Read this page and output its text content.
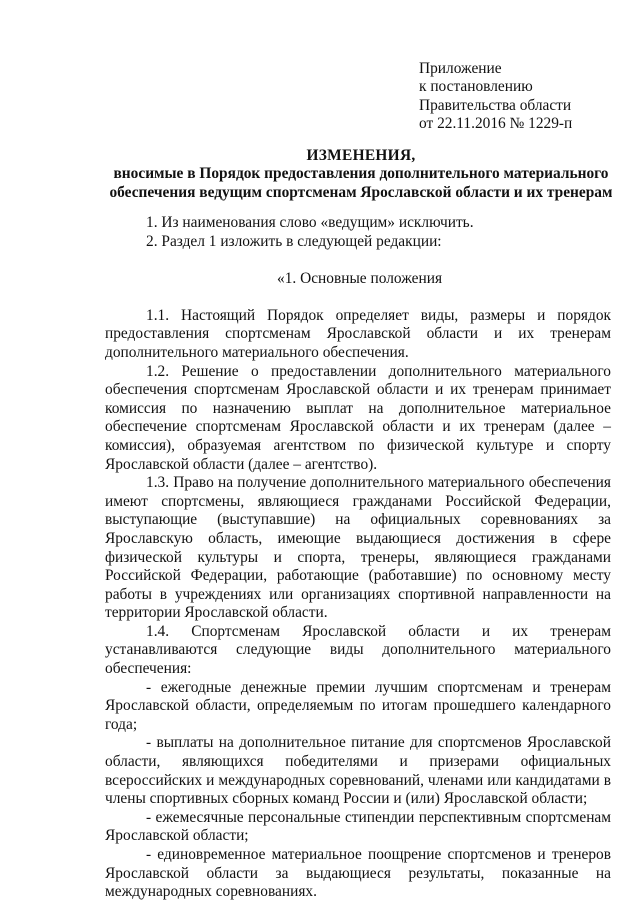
Приложение
к постановлению
Правительства области
от 22.11.2016 № 1229-п
ИЗМЕНЕНИЯ,
вносимые в Порядок предоставления дополнительного материального
обеспечения ведущим спортсменам Ярославской области и их тренерам

1. Из наименования слово «ведущим» исключить.

2. Раздел 1 изложить в следующей редакции:

«1. Основные положения

1.1. Настоящий Порядок определяет виды, размеры и порядок предоставления спортсменам Ярославской области и их тренерам дополнительного материального обеспечения.

1.2. Решение о предоставлении дополнительного материального обеспечения спортсменам Ярославской области и их тренерам принимает комиссия по назначению выплат на дополнительное материальное обеспечение спортсменам Ярославской области и их тренерам (далее – комиссия), образуемая агентством по физической культуре и спорту Ярославской области (далее – агентство).

1.3. Право на получение дополнительного материального обеспечения имеют спортсмены, являющиеся гражданами Российской Федерации, выступающие (выступавшие) на официальных соревнованиях за Ярославскую область, имеющие выдающиеся достижения в сфере физической культуры и спорта, тренеры, являющиеся гражданами Российской Федерации, работающие (работавшие) по основному месту работы в учреждениях или организациях спортивной направленности на территории Ярославской области.

1.4. Спортсменам Ярославской области и их тренерам устанавливаются следующие виды дополнительного материального обеспечения:

- ежегодные денежные премии лучшим спортсменам и тренерам Ярославской области, определяемым по итогам прошедшего календарного года;

- выплаты на дополнительное питание для спортсменов Ярославской области, являющихся победителями и призерами официальных всероссийских и международных соревнований, членами или кандидатами в члены спортивных сборных команд России и (или) Ярославской области;

- ежемесячные персональные стипендии перспективным спортсменам Ярославской области;

- единовременное материальное поощрение спортсменов и тренеров Ярославской области за выдающиеся результаты, показанные на международных соревнованиях.
